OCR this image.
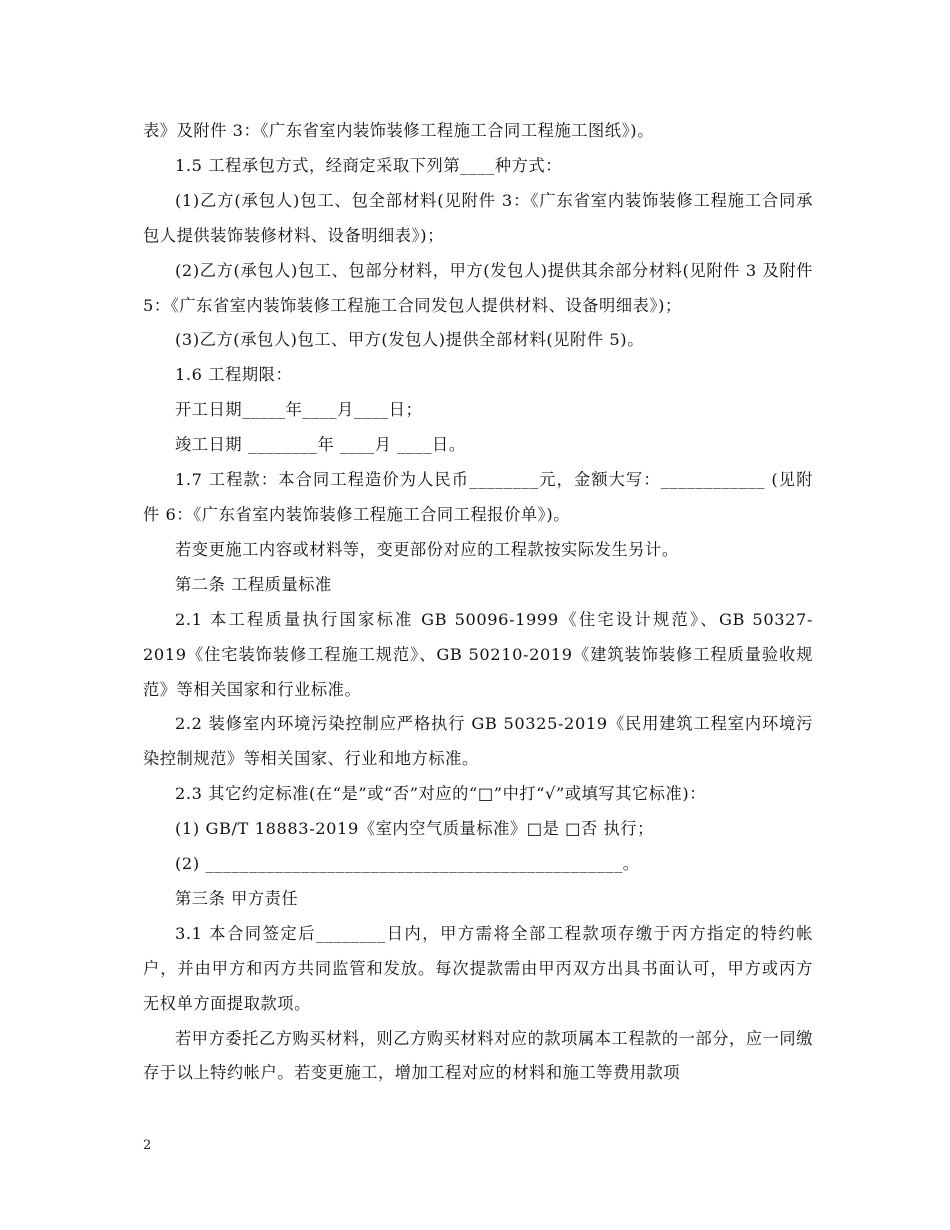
表》及附件 3：《广东省室内装饰装修工程施工合同工程施工图纸》)。

1.5 工程承包方式，经商定采取下列第____种方式：

(1)乙方(承包人)包工、包全部材料(见附件 3：《广东省室内装饰装修工程施工合同承包人提供装饰装修材料、设备明细表》)；

(2)乙方(承包人)包工、包部分材料，甲方(发包人)提供其余部分材料(见附件 3 及附件 5：《广东省室内装饰装修工程施工合同发包人提供材料、设备明细表》)；

(3)乙方(承包人)包工、甲方(发包人)提供全部材料(见附件 5)。

1.6 工程期限：

开工日期_____年____月____日；

竣工日期 ________年 ____月 ____日。

1.7 工程款：本合同工程造价为人民币________元，金额大写：____________ (见附件 6：《广东省室内装饰装修工程施工合同工程报价单》)。

若变更施工内容或材料等，变更部份对应的工程款按实际发生另计。

第二条 工程质量标准

2.1 本工程质量执行国家标准 GB 50096-1999《住宅设计规范》、GB 50327-2019《住宅装饰装修工程施工规范》、GB 50210-2019《建筑装饰装修工程质量验收规范》等相关国家和行业标准。

2.2 装修室内环境污染控制应严格执行 GB 50325-2019《民用建筑工程室内环境污染控制规范》等相关国家、行业和地方标准。

2.3 其它约定标准(在“是”或“否”对应的“□”中打“√”或填写其它标准)：

(1) GB/T 18883-2019《室内空气质量标准》□是 □否 执行；

(2) ________________________________________________。

第三条 甲方责任

3.1 本合同签定后________日内，甲方需将全部工程款项存缴于丙方指定的特约帐户，并由甲方和丙方共同监管和发放。每次提款需由甲丙双方出具书面认可，甲方或丙方无权单方面提取款项。

若甲方委托乙方购买材料，则乙方购买材料对应的款项属本工程款的一部分，应一同缴存于以上特约帐户。若变更施工，增加工程对应的材料和施工等费用款项

2
